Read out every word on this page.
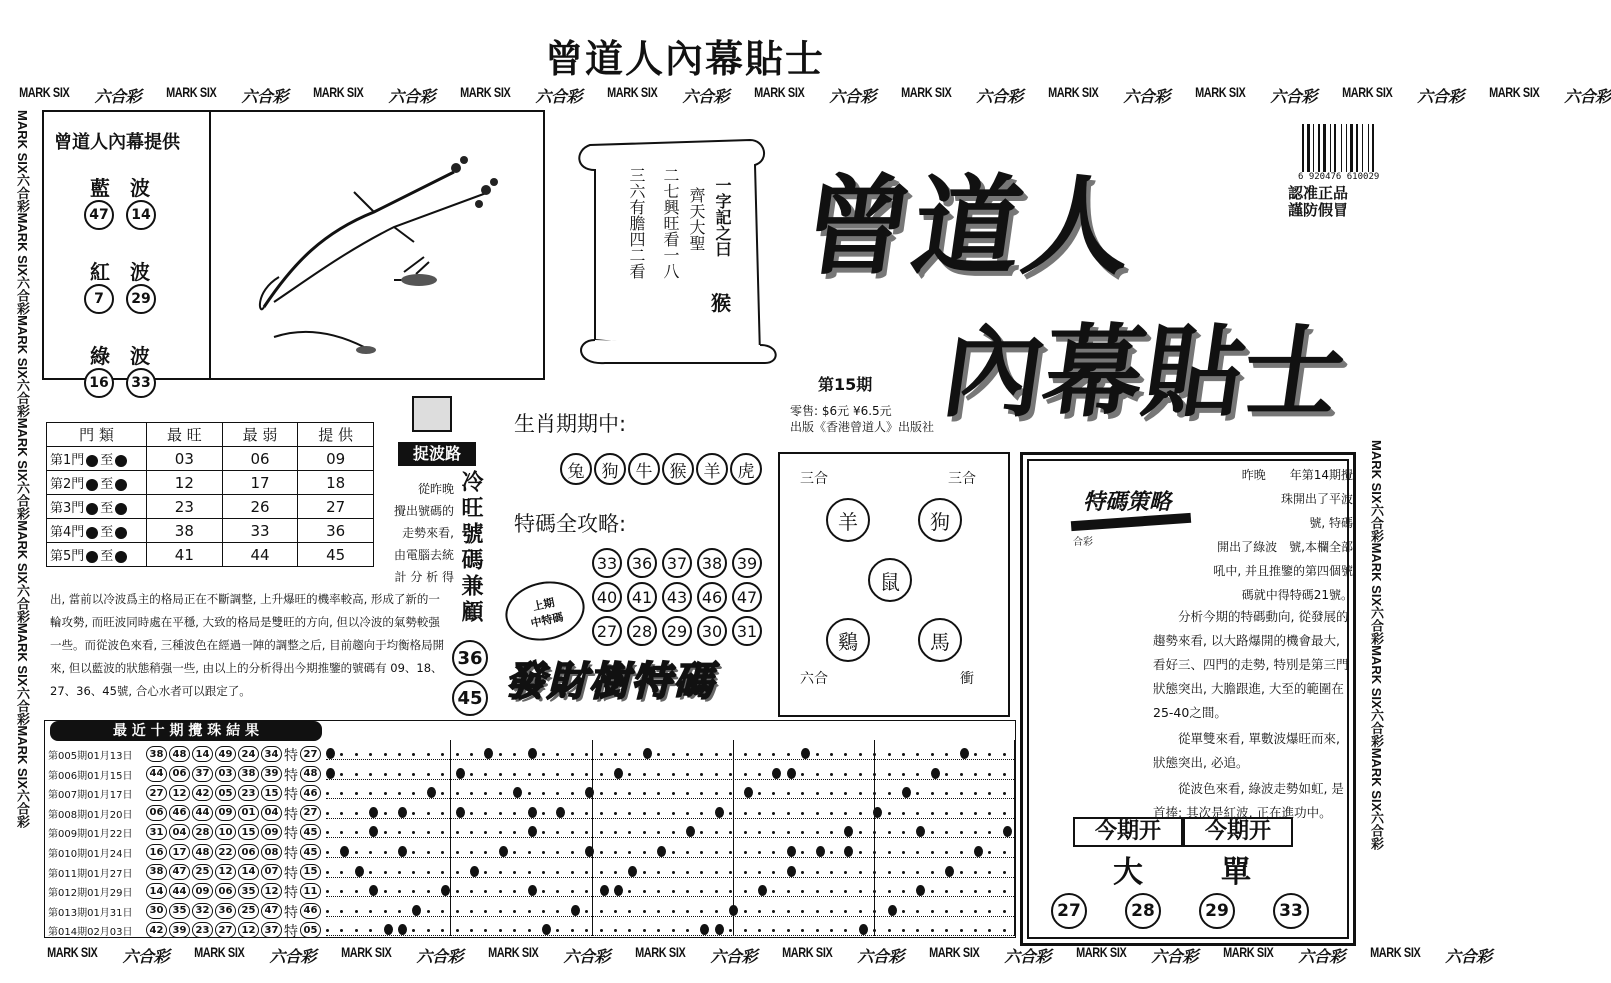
曾道人內幕貼士
MARK SIX 六合彩 MARK SIX 六合彩 MARK SIX 六合彩 MARK SIX 六合彩 MARK SIX 六合彩 MARK SIX 六合彩 MARK SIX 六合彩 MARK SIX 六合彩 MARK SIX 六合彩 MARK SIX 六合彩 MARK SIX 六合彩
MARK SIX 六合彩 MARK SIX 六合彩 MARK SIX 六合彩 MARK SIX 六合彩 MARK SIX 六合彩 MARK SIX 六合彩 MARK SIX 六合彩 MARK SIX 六合彩 MARK SIX 六合彩 MARK SIX 六合彩
MARK SIX六合彩MARK SIX六合彩MARK SIX六合彩MARK SIX六合彩MARK SIX六合彩MARK SIX六合彩MARK SIX六合彩
MARK SIX六合彩MARK SIX六合彩MARK SIX六合彩MARK SIX六合彩
曾道人內幕提供
藍　波
47	14
紅　波
7	29
綠　波
16	33
一字記之曰
齊天大聖
二七興旺看一八
三六有膽四二看
猴
曾道人
內幕貼士
第15期
零售: $6元 ¥6.5元
出版《香港曾道人》出版社
6 920476 610029
認准正品
謹防假冒
門 類	最 旺	最 弱	提 供
第1門 至	03	06	09
第2門 至	12	17	18
第3門 至	23	26	27
第4門 至	38	33	36
第5門 至	41	44	45
捉波路
冷旺號碼兼顧
從昨晚
攪出號碼的
走勢來看,
由電腦去統
計 分 析 得
出, 當前以冷波爲主的格局正在不斷調整, 上升爆旺的機率較高, 形成了新的一輪攻勢, 而旺波同時處在平穩, 大致的格局是雙旺的方向, 但以冷波的氣勢較强一些。而從波色來看, 三種波色在經過一陣的調整之后, 目前趨向于均衡格局開來, 但以藍波的狀態稍强一些, 由以上的分析得出今期推鑒的號碼有 09、18、27、36、45號, 合心水者可以跟定了。
36
45
生肖期期中:
兔	狗	牛	猴	羊	虎
特碼全攻略:
33 36 37 38 39
40 41 43 46 47
27 28 29 30 31
上期
中特碼
發財樹特碼
三合	三合
六合	衝
羊	狗
鼠
鷄	馬
特碼策略
合彩
昨晚　　年第14期攪
珠開出了平波
　號, 特碼
開出了綠波　號,本欄全部
吼中, 并且推鑒的第四個號
碼就中得特碼21號。
分析今期的特碼動向, 從發展的趨勢來看, 以大路爆開的機會最大, 看好三、四門的走勢, 特別是第三門狀態突出, 大膽跟進, 大至的範圍在25-40之間。
從單雙來看, 單數波爆旺而來, 狀態突出, 必追。
從波色來看, 綠波走勢如虹, 是首捧; 其次是紅波, 正在進功中。
今期开	今期开
大	單
27	28	29	33
最 近 十 期 攪 珠 結 果
第005期01月13日	38 48 14 49 24 34 特 27
第006期01月15日	44 06 37 03 38 39 特 48
第007期01月17日	27 12 42 05 23 15 特 46
第008期01月20日	06 46 44 09 01 04 特 27
第009期01月22日	31 04 28 10 15 09 特 45
第010期01月24日	16 17 48 22 06 08 特 45
第011期01月27日	38 47 25 12 14 07 特 15
第012期01月29日	14 44 09 06 35 12 特 11
第013期01月31日	30 35 32 36 25 47 特 46
第014期02月03日	42 39 23 27 12 37 特 05
